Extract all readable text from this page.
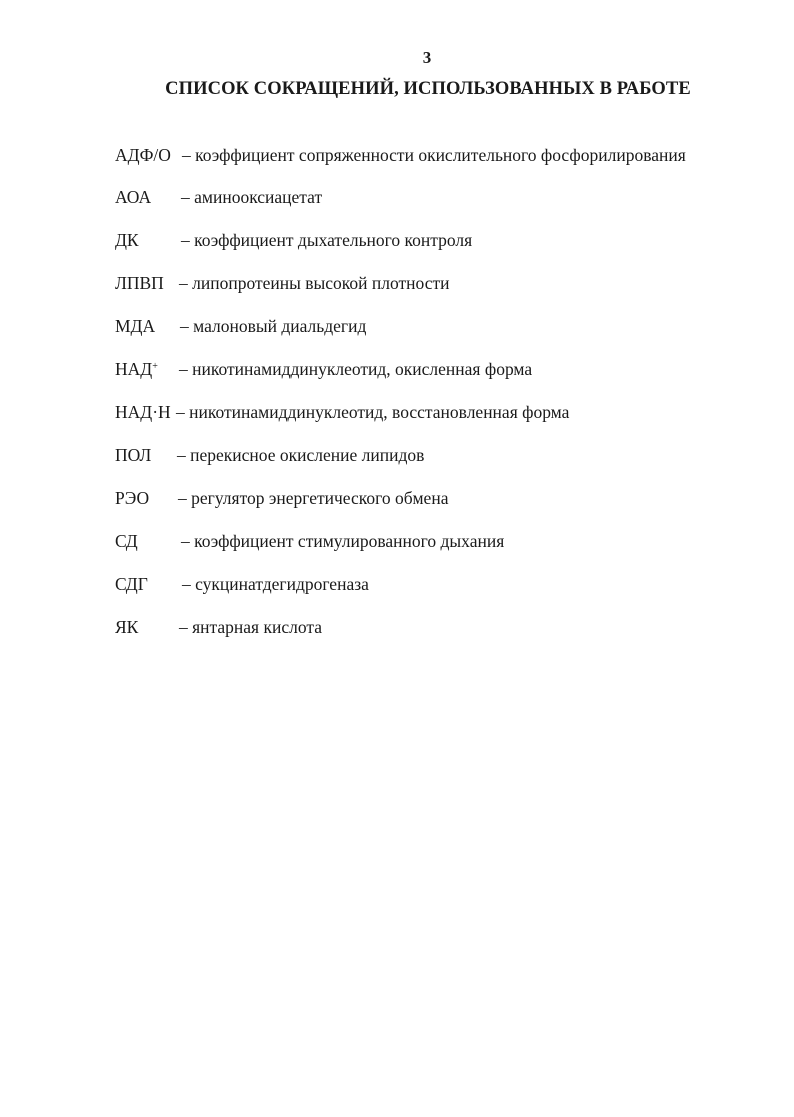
3
СПИСОК СОКРАЩЕНИЙ, ИСПОЛЬЗОВАННЫХ В РАБОТЕ
АДФ/О – коэффициент сопряженности окислительного фосфорилирования
АОА – аминооксиацетат
ДК – коэффициент дыхательного контроля
ЛПВП – липопротеины высокой плотности
МДА – малоновый диальдегид
НАД+ – никотинамиддинуклеотид, окисленная форма
НАД·Н – никотинамиддинуклеотид, восстановленная форма
ПОЛ – перекисное окисление липидов
РЭО – регулятор энергетического обмена
СД – коэффициент стимулированного дыхания
СДГ – сукцинатдегидрогеназа
ЯК – янтарная кислота
